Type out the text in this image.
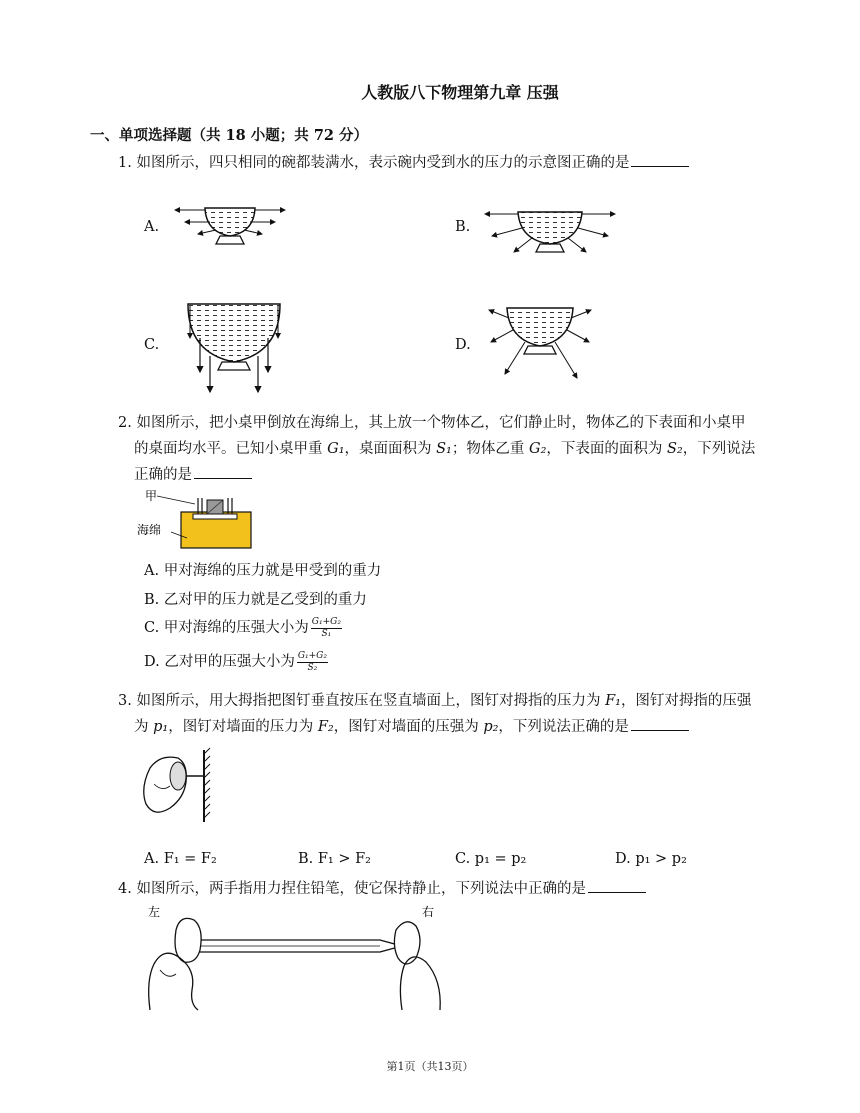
人教版八下物理第九章 压强
一、单项选择题（共 18 小题；共 72 分）
1. 如图所示，四只相同的碗都装满水，表示碗内受到水的压力的示意图正确的是
A.	B.
C.	D.
2. 如图所示，把小桌甲倒放在海绵上，其上放一个物体乙，它们静止时，物体乙的下表面和小桌甲
的桌面均水平。已知小桌甲重 G₁，桌面面积为 S₁；物体乙重 G₂，下表面的面积为 S₂，下列说法
正确的是
甲
海绵
A. 甲对海绵的压力就是甲受到的重力
B. 乙对甲的压力就是乙受到的重力
C. 甲对海绵的压强大小为 $\frac{\text{G₁+G₂}}{\text{S₁}}$
D. 乙对甲的压强大小为 $\frac{\text{G₁+G₂}}{\text{S₂}}$
3. 如图所示，用大拇指把图钉垂直按压在竖直墙面上，图钉对拇指的压力为 F₁，图钉对拇指的压强
为 p₁，图钉对墙面的压力为 F₂，图钉对墙面的压强为 p₂，下列说法正确的是
A. F₁ = F₂	B. F₁ > F₂	C. p₁ = p₂	D. p₁ > p₂
4. 如图所示，两手指用力捏住铅笔，使它保持静止，下列说法中正确的是
左	右
第1页（共13页）
